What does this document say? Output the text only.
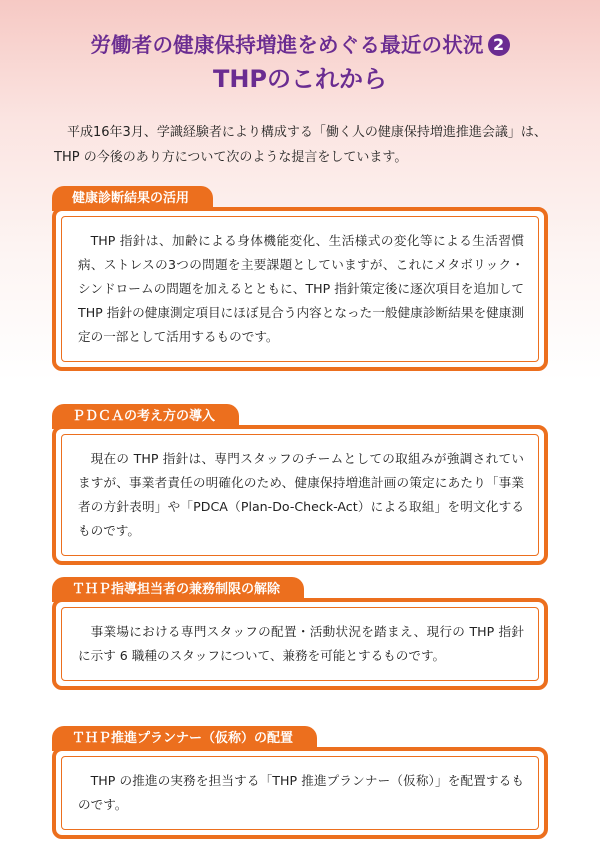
労働者の健康保持増進をめぐる最近の状況 2
THPのこれから
平成16年3月、学識経験者により構成する「働く人の健康保持増進推進会議」は、THP の今後のあり方について次のような提言をしています。
健康診断結果の活用
THP 指針は、加齢による身体機能変化、生活様式の変化等による生活習慣病、ストレスの3つの問題を主要課題としていますが、これにメタボリック・シンドロームの問題を加えるとともに、THP 指針策定後に逐次項目を追加して THP 指針の健康測定項目にほぼ見合う内容となった一般健康診断結果を健康測定の一部として活用するものです。
ＰＤＣＡの考え方の導入
現在の THP 指針は、専門スタッフのチームとしての取組みが強調されていますが、事業者責任の明確化のため、健康保持増進計画の策定にあたり「事業者の方針表明」や「PDCA（Plan-Do-Check-Act）による取組」を明文化するものです。
ＴＨＰ指導担当者の兼務制限の解除
事業場における専門スタッフの配置・活動状況を踏まえ、現行の THP 指針に示す 6 職種のスタッフについて、兼務を可能とするものです。
ＴＨＰ推進プランナー（仮称）の配置
THP の推進の実務を担当する「THP 推進プランナー（仮称）」を配置するものです。
